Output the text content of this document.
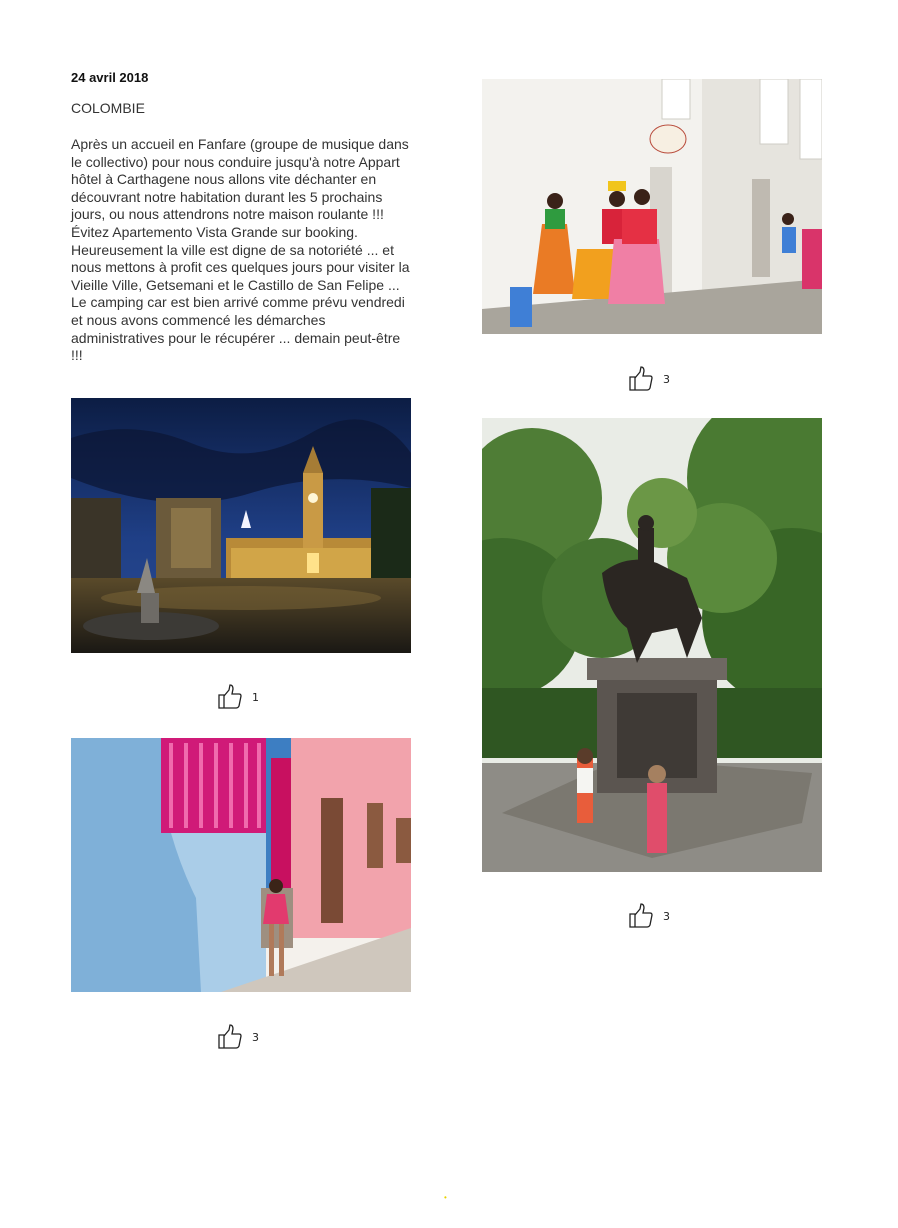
24 avril 2018
COLOMBIE

Après un accueil en Fanfare (groupe de musique dans le collectivo) pour nous conduire jusqu'à notre Appart hôtel à Carthagene nous allons vite déchanter en découvrant notre habitation durant les 5 prochains jours, ou nous attendrons notre maison roulante !!!

Évitez Apartemento Vista Grande sur booking. Heureusement la ville est digne de sa notoriété ... et nous mettons à profit ces quelques jours pour visiter la Vieille Ville, Getsemani et le Castillo de San Felipe ... Le camping car est bien arrivé comme prévu vendredi et nous avons commencé les démarches administratives pour le récupérer ... demain peut-être !!!

1
3
3
3
•
